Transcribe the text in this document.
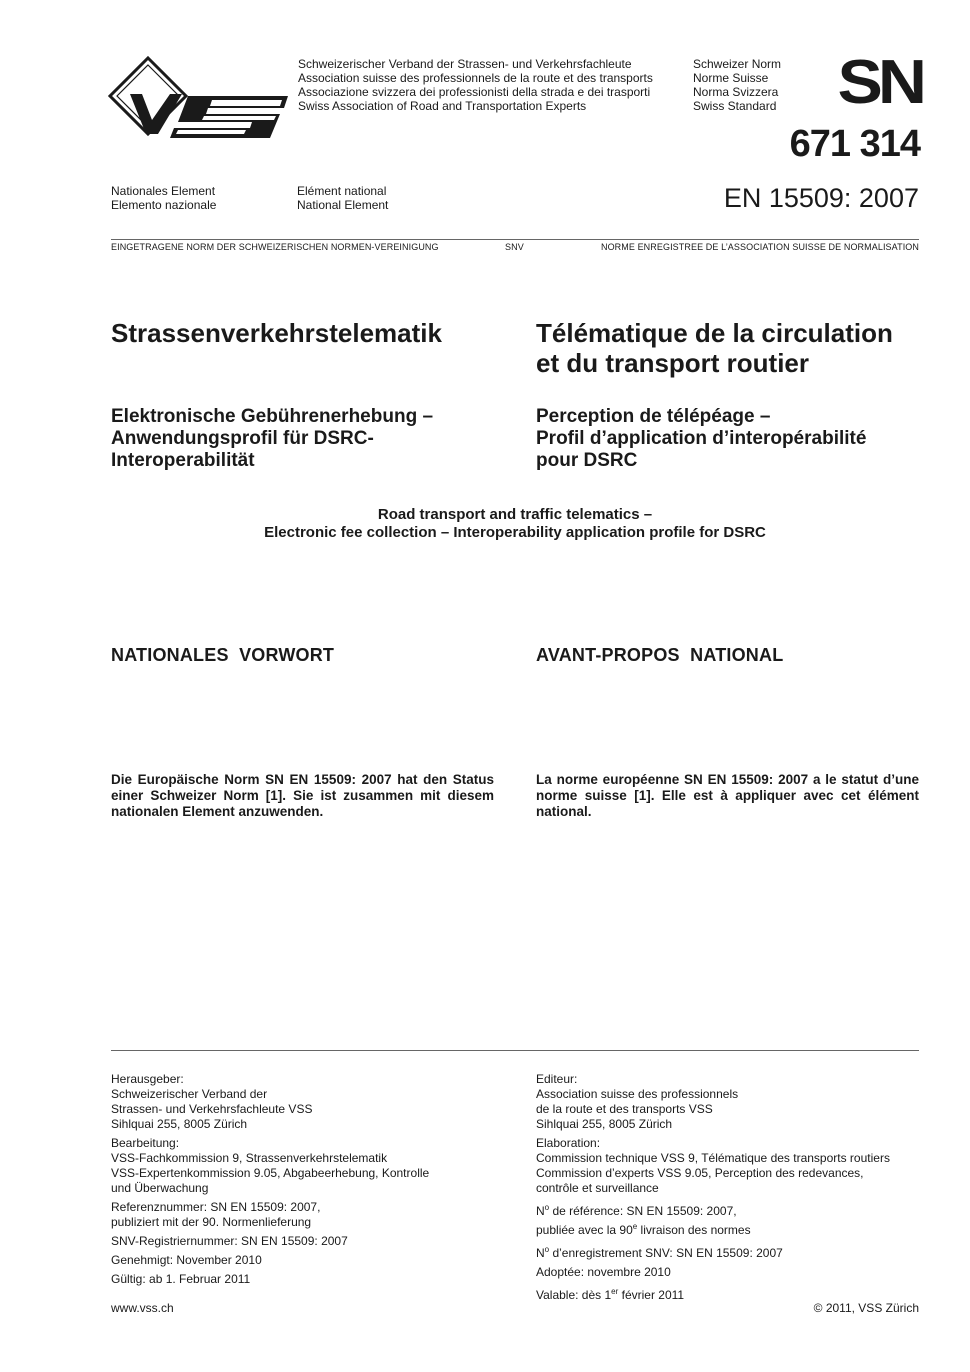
Schweizerischer Verband der Strassen- und Verkehrsfachleute
Association suisse des professionnels de la route et des transports
Associazione svizzera dei professionisti della strada e dei trasporti
Swiss Association of Road and Transportation Experts
Schweizer Norm
Norme Suisse
Norma Svizzera
Swiss Standard SN
671 314
EN 15509: 2007
Nationales Element
Elemento nazionale
Elément national
National Element
EINGETRAGENE NORM DER SCHWEIZERISCHEN NORMEN-VEREINIGUNG	SNV	NORME ENREGISTREE DE L’ASSOCIATION SUISSE DE NORMALISATION
Strassenverkehrstelematik	Télématique de la circulation
et du transport routier
Elektronische Gebührenerhebung –
Anwendungsprofil für DSRC-
Interoperabilität
Perception de télépéage –
Profil d’application d’interopérabilité
pour DSRC
Road transport and traffic telematics –
Electronic fee collection – Interoperability application profile for DSRC
NATIONALES  VORWORT	AVANT-PROPOS  NATIONAL
Die Europäische Norm SN EN 15509: 2007 hat den Status einer Schweizer Norm [1]. Sie ist zusammen mit diesem nationalen Element anzuwenden.
La norme européenne SN EN 15509: 2007 a le statut d’une norme suisse [1]. Elle est à appliquer avec cet élément national.
Herausgeber:
Schweizerischer Verband der
Strassen- und Verkehrsfachleute VSS
Sihlquai 255, 8005 Zürich
Bearbeitung:
VSS-Fachkommission 9, Strassenverkehrstelematik
VSS-Expertenkommission 9.05, Abgabeerhebung, Kontrolle
und Überwachung
Referenznummer: SN EN 15509: 2007,
publiziert mit der 90. Normenlieferung
SNV-Registriernummer: SN EN 15509: 2007
Genehmigt: November 2010
Gültig: ab 1. Februar 2011
Editeur:
Association suisse des professionnels
de la route et des transports VSS
Sihlquai 255, 8005 Zürich
Elaboration:
Commission technique VSS 9, Télématique des transports routiers
Commission d’experts VSS 9.05, Perception des redevances,
contrôle et surveillance
$N^o$ de référence: SN EN 15509: 2007,
publiée avec la 90e livraison des normes
$N^o$ d’enregistrement SNV: SN EN 15509: 2007
Adoptée: novembre 2010
Valable: dès 1er février 2011
www.vss.ch	© 2011, VSS Zürich
